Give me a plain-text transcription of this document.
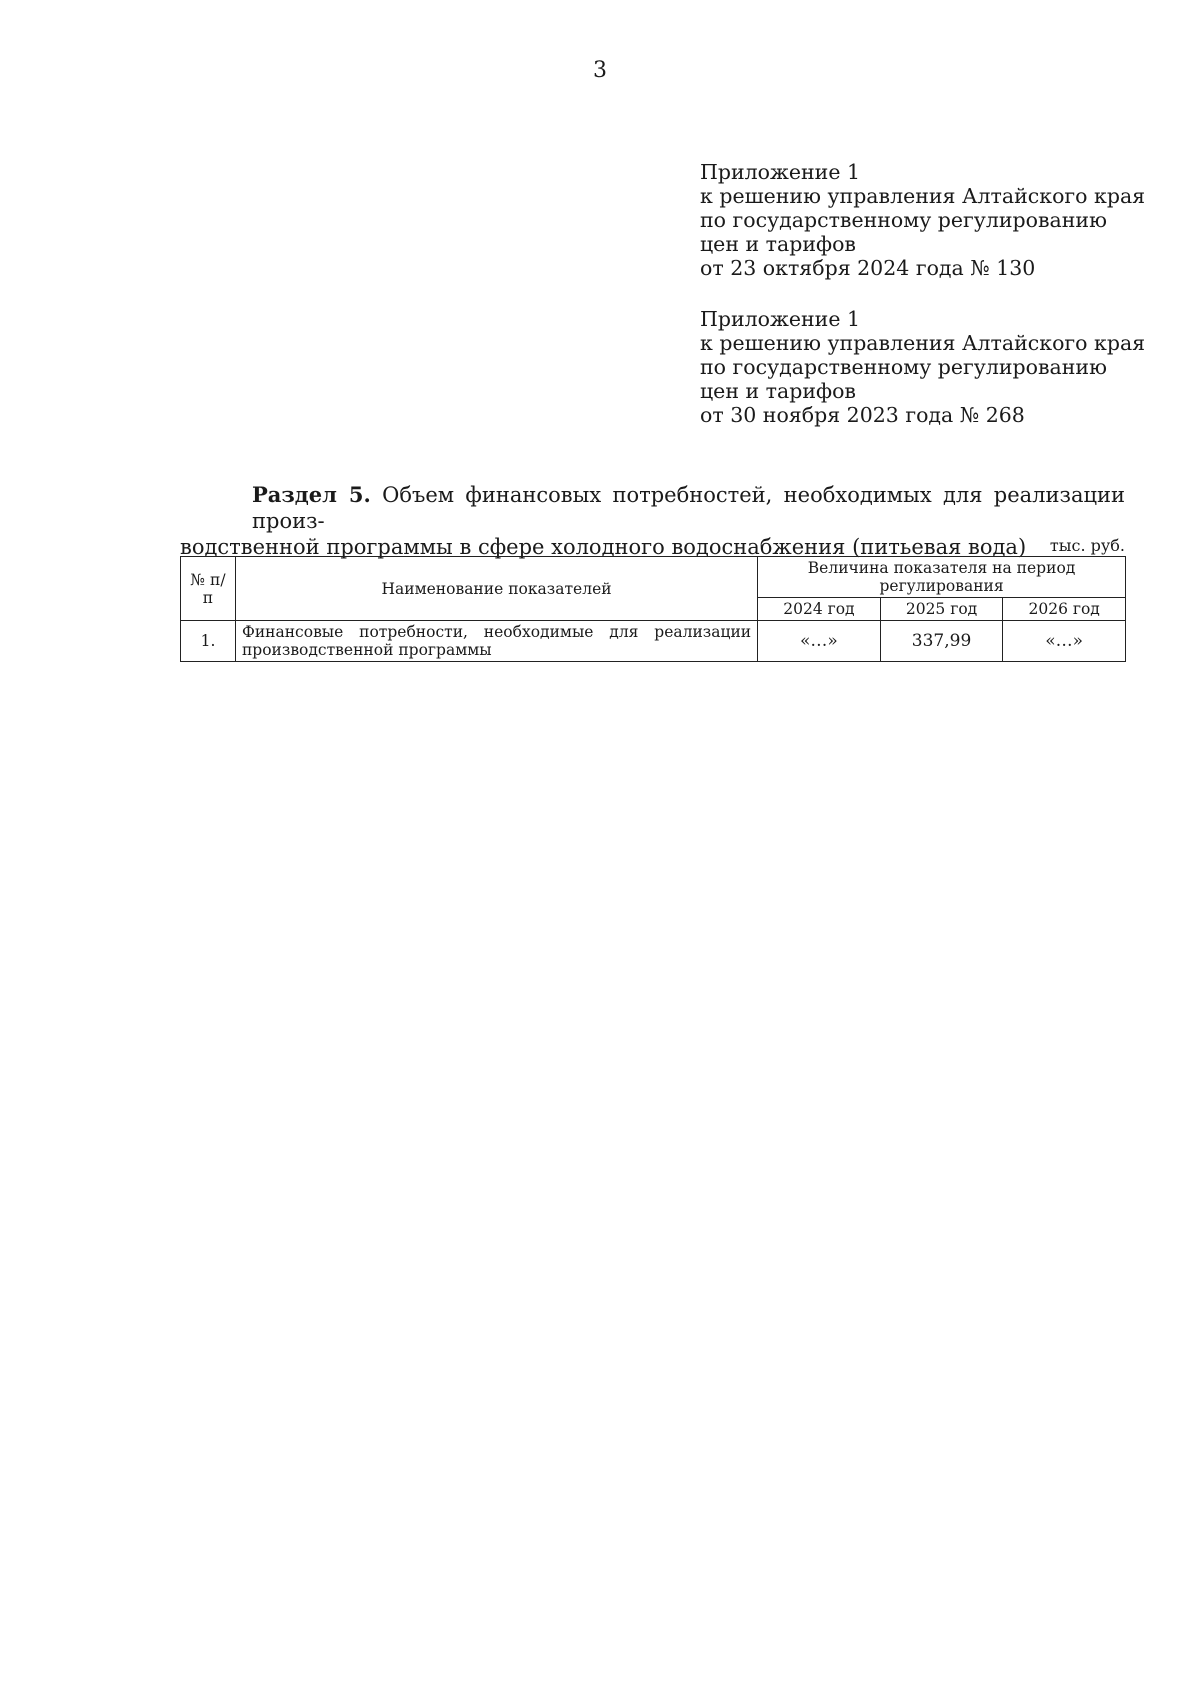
3
Приложение 1
к решению управления Алтайского края
по государственному регулированию
цен и тарифов
от 23 октября 2024 года № 130
Приложение 1
к решению управления Алтайского края
по государственному регулированию
цен и тарифов
от 30 ноября 2023 года № 268
Раздел 5. Объем финансовых потребностей, необходимых для реализации произ-
водственной программы в сфере холодного водоснабжения (питьевая вода)	тыс. руб.
№ п/п	Наименование показателей	Величина показателя на период регулирования		
		2024 год	2025 год	2026 год
1.	Финансовые потребности, необходимые для реализации производственной программы	«…»	337,99	«…»
